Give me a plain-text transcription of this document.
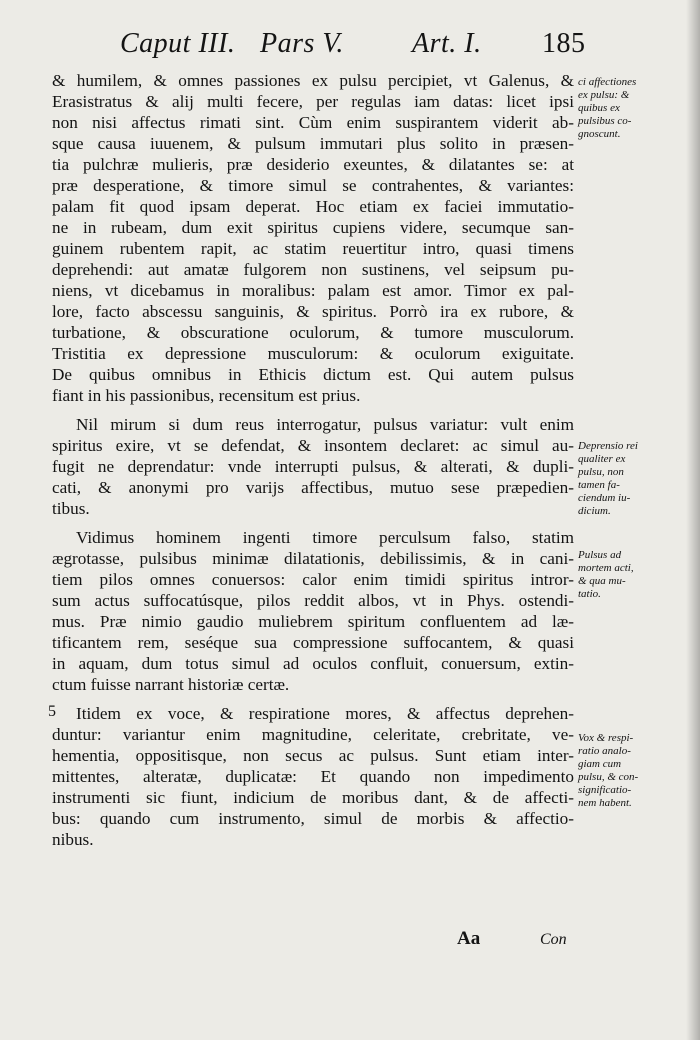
Caput III. Pars V. Art. I. 185
& humilem, & omnes passiones ex pulsu percipiet, vt Galenus, &
Erasistratus & alij multi fecere, per regulas iam datas: licet ipsi
non nisi affectus rimati sint. Cùm enim suspirantem viderit ab-
sque causa iuuenem, & pulsum immutari plus solito in præsen-
tia pulchræ mulieris, præ desiderio exeuntes, & dilatantes se: at
præ desperatione, & timore simul se contrahentes, & variantes:
palam fit quod ipsam deperat. Hoc etiam ex faciei immutatio-
ne in rubeam, dum exit spiritus cupiens videre, secumque san-
guinem rubentem rapit, ac statim reuertitur intro, quasi timens
deprehendi: aut amatæ fulgorem non sustinens, vel seipsum pu-
niens, vt dicebamus in moralibus: palam est amor. Timor ex pal-
lore, facto abscessu sanguinis, & spiritus. Porrò ira ex rubore, &
turbatione, & obscuratione oculorum, & tumore musculorum.
Tristitia ex depressione musculorum: & oculorum exiguitate.
De quibus omnibus in Ethicis dictum est. Qui autem pulsus
fiant in his passionibus, recensitum est prius.
Nil mirum si dum reus interrogatur, pulsus variatur: vult enim
spiritus exire, vt se defendat, & insontem declaret: ac simul au-
fugit ne deprendatur: vnde interrupti pulsus, & alterati, & dupli-
cati, & anonymi pro varijs affectibus, mutuo sese præpedien-
tibus.
Vidimus hominem ingenti timore perculsum falso, statim
ægrotasse, pulsibus minimæ dilatationis, debilissimis, & in cani-
tiem pilos omnes conuersos: calor enim timidi spiritus intror-
sum actus suffocatúsque, pilos reddit albos, vt in Phys. ostendi-
mus. Præ nimio gaudio muliebrem spiritum confluentem ad læ-
tificantem rem, seséque sua compressione suffocantem, & quasi
in aquam, dum totus simul ad oculos confluit, conuersum, extin-
ctum fuisse narrant historiæ certæ.
5	Itidem ex voce, & respiratione mores, & affectus deprehen-
duntur: variantur enim magnitudine, celeritate, crebritate, ve-
hementia, oppositisque, non secus ac pulsus. Sunt etiam inter-
mittentes, alteratæ, duplicatæ: Et quando non impedimento
instrumenti sic fiunt, indicium de moribus dant, & de affecti-
bus: quando cum instrumento, simul de morbis & affectio-
nibus.
ci affectiones
ex pulsu: &
quibus ex
pulsibus co-
gnoscunt.
Deprensio rei
qualiter ex
pulsu, non
tamen fa-
ciendum iu-
dicium.
Pulsus ad
mortem acti,
& qua mu-
tatio.
Vox & respi-
ratio analo-
giam cum
pulsu, & con-
significatio-
nem habent.
Aa	Con
